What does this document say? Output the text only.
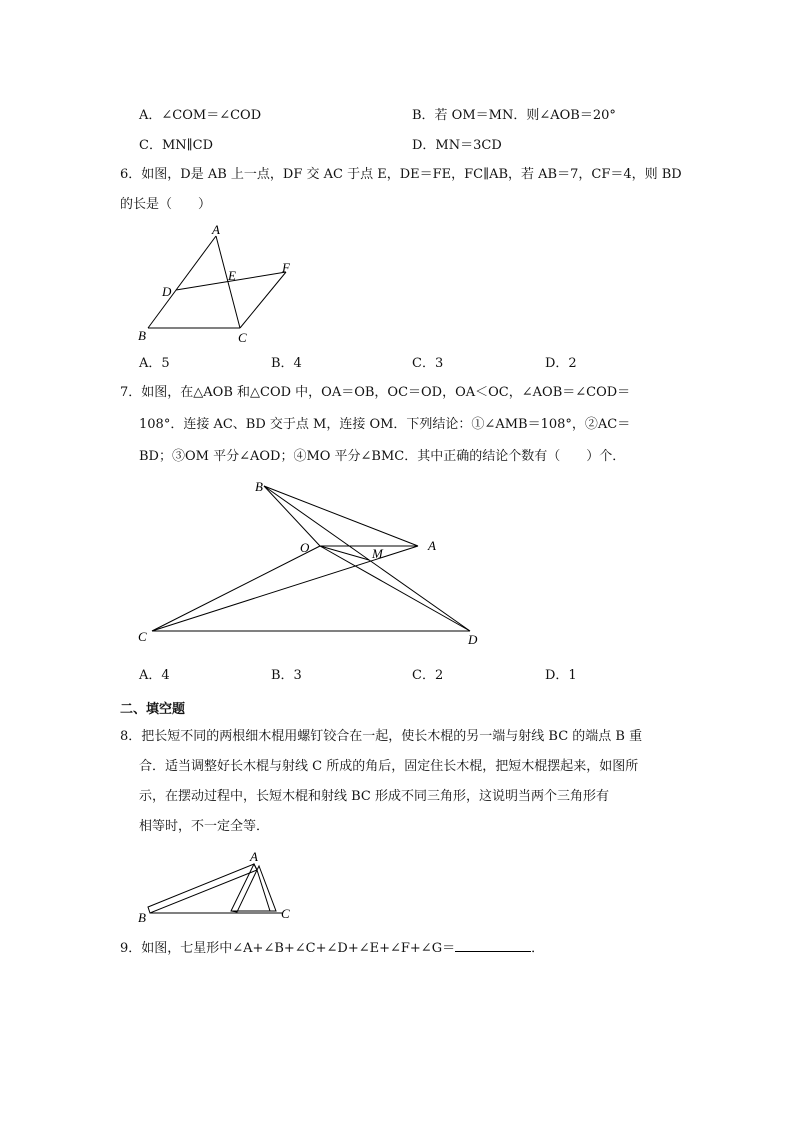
A．∠COM＝∠COD	B．若 OM＝MN．则∠AOB＝20°
C．MN∥CD	D．MN＝3CD
6．如图，D是 AB 上一点，DF 交 AC 于点 E，DE＝FE，FC∥AB，若 AB＝7，CF＝4，则 BD
的长是（　　）
A
B	C
D
E
F
A．5	B．4	C．3	D．2
7．如图，在△AOB 和△COD 中，OA＝OB，OC＝OD，OA＜OC，∠AOB＝∠COD＝
108°．连接 AC、BD 交于点 M，连接 OM．下列结论：①∠AMB＝108°，②AC＝
BD；③OM 平分∠AOD；④MO 平分∠BMC．其中正确的结论个数有（　　）个．
B
O	M
A
C	D
A．4	B．3	C．2	D．1
二、填空题
8．把长短不同的两根细木棍用螺钉铰合在一起，使长木棍的另一端与射线 BC 的端点 B 重
合．适当调整好长木棍与射线 C 所成的角后，固定住长木棍，把短木棍摆起来，如图所
示，在摆动过程中，长短木棍和射线 BC 形成不同三角形，这说明当两个三角形有
相等时，不一定全等．
A
B	C
9．如图，七星形中∠A+∠B+∠C+∠D+∠E+∠F+∠G＝	．
